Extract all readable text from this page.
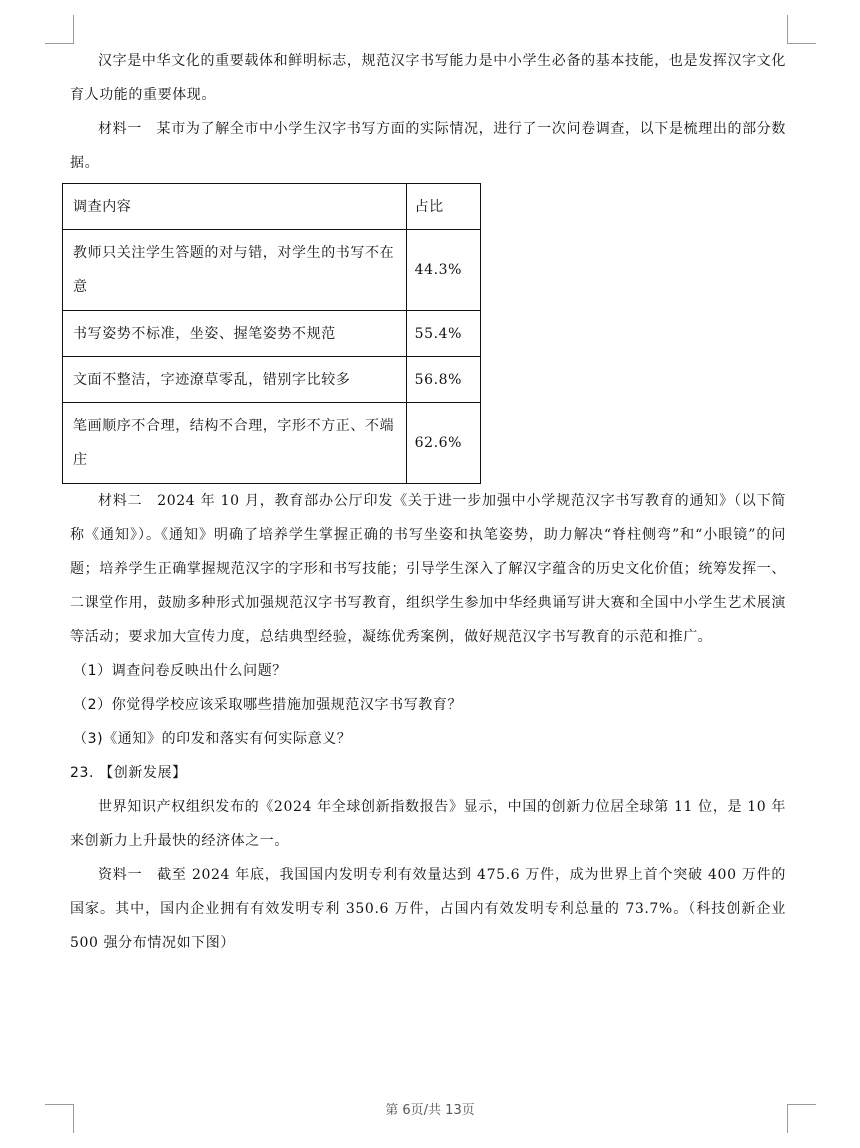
汉字是中华文化的重要载体和鲜明标志，规范汉字书写能力是中小学生必备的基本技能，也是发挥汉字文化育人功能的重要体现。

材料一　某市为了解全市中小学生汉字书写方面的实际情况，进行了一次问卷调查，以下是梳理出的部分数据。

调查内容	占比
教师只关注学生答题的对与错，对学生的书写不在意	44.3%
书写姿势不标准，坐姿、握笔姿势不规范	55.4%
文面不整洁，字迹潦草零乱，错别字比较多	56.8%
笔画顺序不合理，结构不合理，字形不方正、不端庄	62.6%

材料二　2024 年 10 月，教育部办公厅印发《关于进一步加强中小学规范汉字书写教育的通知》（以下简称《通知》）。《通知》明确了培养学生掌握正确的书写坐姿和执笔姿势，助力解决“脊柱侧弯”和“小眼镜”的问题；培养学生正确掌握规范汉字的字形和书写技能；引导学生深入了解汉字蕴含的历史文化价值；统筹发挥一、二课堂作用，鼓励多种形式加强规范汉字书写教育，组织学生参加中华经典诵写讲大赛和全国中小学生艺术展演等活动；要求加大宣传力度，总结典型经验，凝练优秀案例，做好规范汉字书写教育的示范和推广。

（1）调查问卷反映出什么问题？

（2）你觉得学校应该采取哪些措施加强规范汉字书写教育？

（3)《通知》的印发和落实有何实际意义？

23. 【创新发展】

世界知识产权组织发布的《2024 年全球创新指数报告》显示，中国的创新力位居全球第 11 位，是 10 年来创新力上升最快的经济体之一。

资料一　截至 2024 年底，我国国内发明专利有效量达到 475.6 万件，成为世界上首个突破 400 万件的国家。其中，国内企业拥有有效发明专利 350.6 万件，占国内有效发明专利总量的 73.7%。（科技创新企业 500 强分布情况如下图）

第 6页/共 13页
